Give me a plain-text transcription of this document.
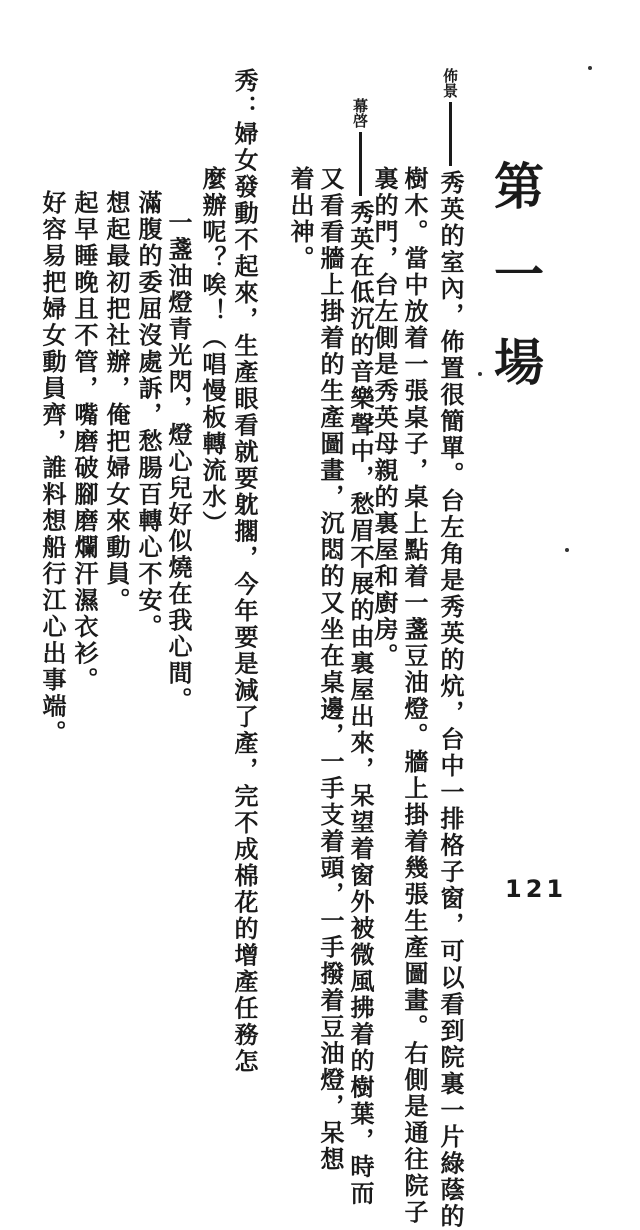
第一場
佈景秀英的室內，佈置很簡單。台左角是秀英的炕，台中一排格子窗，可以看到院裏一片綠蔭的
樹木。當中放着一張桌子，桌上點着一盞豆油燈。牆上掛着幾張生產圖畫。右側是通往院子
裏的門，台左側是秀英母親的裏屋和廚房。
幕啓秀英在低沉的音樂聲中，愁眉不展的由裏屋出來，呆望着窗外被微風拂着的樹葉，時而
又看看牆上掛着的生產圖畫，沉悶的又坐在桌邊，一手支着頭，一手撥着豆油燈，呆想
着出神。
秀：婦女發動不起來，生產眼看就要躭擱，今年要是減了產，完不成棉花的增產任務怎
麼辦呢？唉！（唱慢板轉流水）
一盞油燈青光閃，燈心兒好似燒在我心間。
滿腹的委屈沒處訴，愁腸百轉心不安。
想起最初把社辦，俺把婦女來動員。
起早睡晚且不管，嘴磨破腳磨爛汗濕衣衫。
好容易把婦女動員齊，誰料想船行江心出事端。
121
